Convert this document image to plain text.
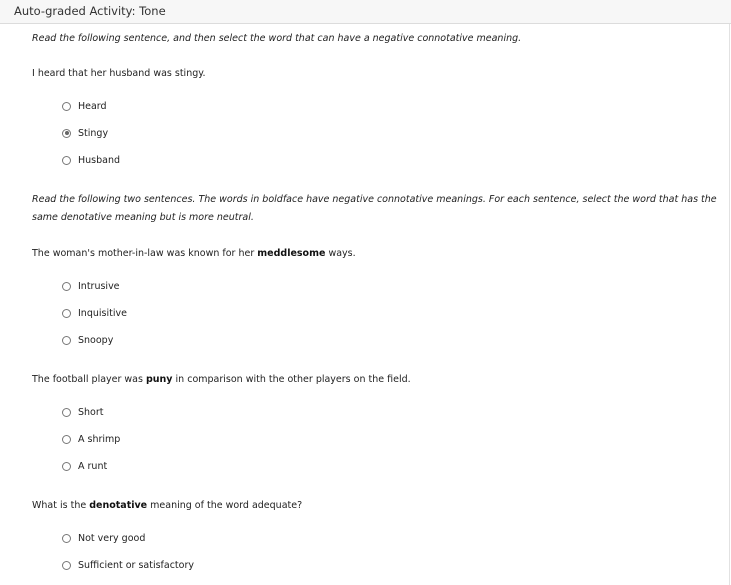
Auto-graded Activity: Tone
Read the following sentence, and then select the word that can have a negative connotative meaning.
I heard that her husband was stingy.
Heard
Stingy
Husband
Read the following two sentences. The words in boldface have negative connotative meanings. For each sentence, select the word that has the same denotative meaning but is more neutral.
The woman's mother-in-law was known for her meddlesome ways.
Intrusive
Inquisitive
Snoopy
The football player was puny in comparison with the other players on the field.
Short
A shrimp
A runt
What is the denotative meaning of the word adequate?
Not very good
Sufficient or satisfactory
